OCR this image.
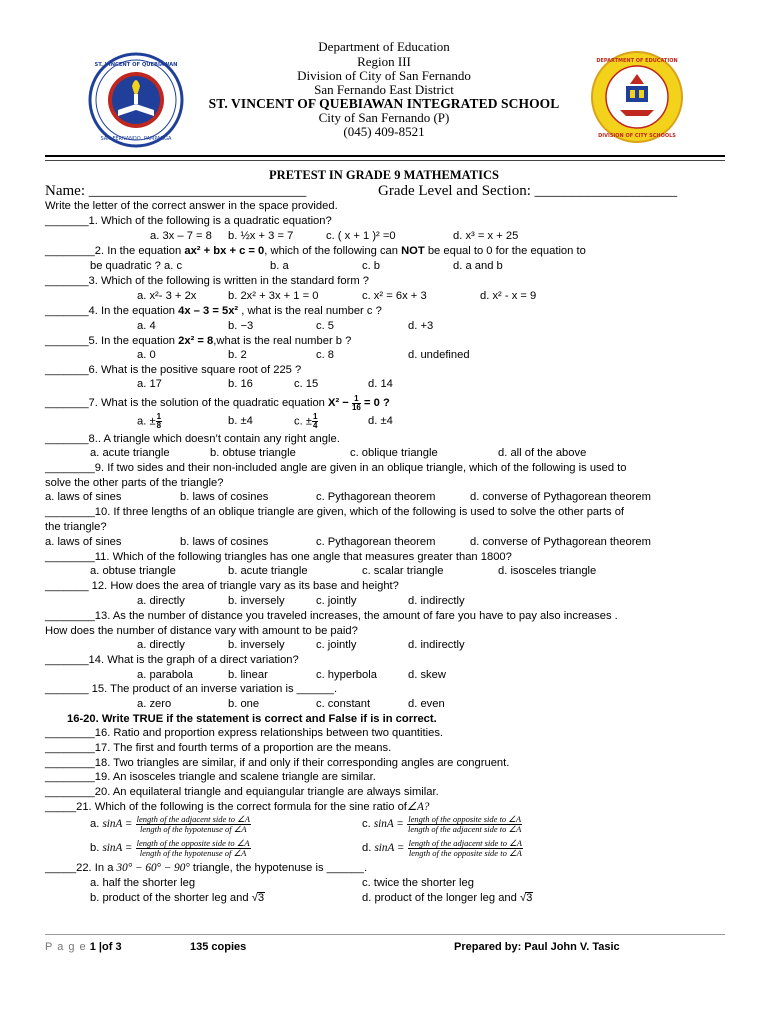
ST. VINCENT OF QUEBIAWAN
SAN FERNANDO, PAMPANGA
DEPARTMENT OF EDUCATION
DIVISION OF CITY SCHOOLS
Department of Education
Region III
Division of City of San Fernando
San Fernando East District
ST. VINCENT OF QUEBIAWAN INTEGRATED SCHOOL
City of San Fernando (P)
(045) 409-8521
PRETEST IN GRADE 9 MATHEMATICS
Name: _____________________________	Grade Level and Section: ___________________
Write the letter of the correct answer in the space provided.
_______1. Which of the following is a quadratic equation?
a. 3x – 7 = 8 b. ½x + 3 = 7	c. ( x + 1 )² =0	d. x³ = x + 25
________2. In the equation ax² + bx + c = 0, which of the following can NOT be equal to 0 for the equation to
be quadratic ? a. c	b. a	c. b	d. a and b
_______3. Which of the following is written in the standard form ?
a. x²- 3 + 2x	b. 2x² + 3x + 1 = 0	c. x² = 6x + 3	d. x² - x = 9
_______4. In the equation 4x – 3 = 5x² , what is the real number c ?
a. 4	b. −3	c. 5	d. +3
_______5. In the equation 2x² = 8,what is the real number b ?
a. 0	b. 2	c. 8	d. undefined
_______6. What is the positive square root of 225 ?
a. 17	b. 16	c. 15	d. 14
_______7. What is the solution of the quadratic equation $X^2 - \frac{1}{16} = 0$ ?
a. ± $\frac{1}{8}$	b. ±4	c. ± $\frac{1}{4}$	d. ±4
_______8.. A triangle which doesn’t contain any right angle.
a. acute triangle	b. obtuse triangle	c. oblique triangle	d. all of the above
________9. If two sides and their non-included angle are given in an oblique triangle, which of the following is used to
solve the other parts of the triangle?
a. laws of sines	b. laws of cosines	c. Pythagorean theorem	d. converse of Pythagorean theorem
________10. If three lengths of an oblique triangle are given, which of the following is used to solve the other parts of
the triangle?
a. laws of sines	b. laws of cosines	c. Pythagorean theorem	d. converse of Pythagorean theorem
________11. Which of the following triangles has one angle that measures greater than 1800?
a. obtuse triangle	b. acute triangle	c. scalar triangle	d. isosceles triangle
_______ 12. How does the area of triangle vary as its base and height?
a. directly	b. inversely	c. jointly	d. indirectly
________13. As the number of distance you traveled increases, the amount of fare you have to pay also increases .
How does the number of distance vary with amount to be paid?
a. directly	b. inversely	c. jointly	d. indirectly
_______14. What is the graph of a direct variation?
a. parabola	b. linear	c. hyperbola	d. skew
_______ 15. The product of an inverse variation is ______.
a. zero	b. one	c. constant	d. even
16-20. Write TRUE if the statement is correct and False if is in correct.
________16. Ratio and proportion express relationships between two quantities.
________17. The first and fourth terms of a proportion are the means.
________18. Two triangles are similar, if and only if their corresponding angles are congruent.
________19. An isosceles triangle and scalene triangle are similar.
________20. An equilateral triangle and equiangular triangle are always similar.
_____21. Which of the following is the correct formula for the sine ratio of∠A?
a. $\sin A = \frac{\text{length of the adjacent side to ∠A}}{\text{length of the hypotenuse of ∠A}}$	c. $\sin A = \frac{\text{length of the opposite side to ∠A}}{\text{length of the adjacent side to ∠A}}$
b. $\sin A = \frac{\text{length of the opposite side to ∠A}}{\text{length of the hypotenuse of ∠A}}$	d. $\sin A = \frac{\text{length of the adjacent side to ∠A}}{\text{length of the opposite side to ∠A}}$
_____22. In a 30° − 60° − 90° triangle, the hypotenuse is ______.
a. half the shorter leg	c. twice the shorter leg
b. product of the shorter leg and √3	d. product of the longer leg and √3
P a g e 1 |of 3	135 copies	Prepared by: Paul John V. Tasic
